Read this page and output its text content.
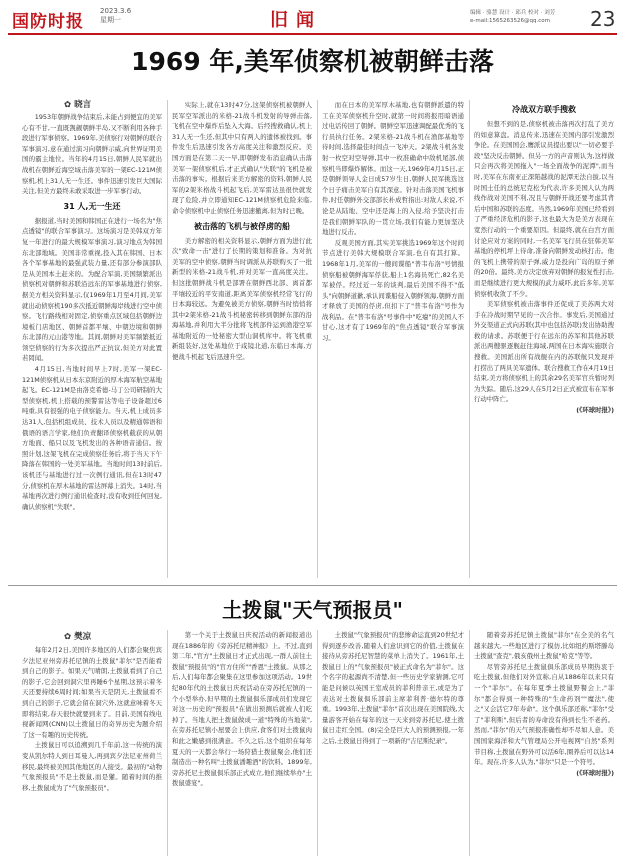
国防时报
2023.3.6
星期一	旧闻	编辑 · 骆慧 设计 · 邱兵 校对 · 刘芳
e-mail:1565263526@qq.com 23
1969 年,美军侦察机被朝鲜击落
✿ 晓言

1953年朝鲜战争结束后,未能占到便宜的美军心有不甘,一直既觊觎朝鲜半岛,又不断利用各种手段进行军事侦察。1969年,美侦察行对朝鲜的联合军事演习,意在通过演习向朝鲜示威,向世界证明美国的霸主地位。当年的4月15日,朝鲜人民军就出战机在朝鲜近海空域击落美军的一架EC-121M侦察机,机上31人无一生还。事件迅速引发巨大国际关注,但美方最终未敢采取进一步军事行动。

31 人,无一生还

据报道,当时美国和韩国正在进行一场名为"焦点透镜"的联合军事演习。这场演习是美韩双方年复一年进行的最大规模军事演习,演习地点为韩国东北部地域。美国非常重视,投入其在韩国、日本各个军事基地的最强武装力量,还有部分参演部队是从美国本土赶来的。为配合军演,美国频繁派出侦察机对朝鲜和苏联沿远东的军事基地进行侦察,据美方相关资料显示,仅1969年1月至4月间,美军就出动侦察机190多次抵近朝鲜海岸线进行空中侦察。飞行路线相对固定,侦察重点区域包括朝鲜边境板门店地区、朝鲜首都平壤、中朝边境和朝鲜东北部的元山港等地。其间,朝鲜对美军频繁抵近领空侦察的行为多次提出严正抗议,但美方对此置若罔闻。

4月15日,当地时间早上7时,美军一架EC-121M侦察机从日本东京附近的厚木海军航空基地起飞。EC-121M是由洛克希德-马丁公司研制的大型侦察机,机上搭载的预警雷达等电子设备超过6吨重,具有很强的电子侦察能力。当天,机上成员多达31人,包括机组成员、技术人员以及精通韩语和俄语的语言学家,他们负责翻译侦察机截获的从朝方地面、船只以及飞机发出的各种语音通信。按照计划,这架飞机在完成侦察任务后,将于当天下午降落在韩国的一处美军基地。当地时间13时前后,该机还与基地进行过一次例行通讯,但在13时47分,侦察机在厚木基地的雷达屏幕上消失。14时,当基地再次进行例行通讯检查时,没有收到任何回复,确认侦察机"失联"。

实际上,就在13时47分,这架侦察机被朝鲜人民军空军派出的米格-21战斗机发射的导弹击落,飞机在空中爆炸后坠入大海。后经搜救确认,机上31人无一生还,但其中只有两人的遗体被找到。事件发生后迅速引发各方高度关注和激烈反应。美国方面是在第二天一早,即朝鲜发布消息确认击落美军一架侦察机后,才正式确认"失联"的飞机是被击落的事实。根据后来美方解密的资料,朝鲜人民军的2架米格战斗机起飞后,美军雷达虽很快就发现了危险,并立即通知EC-121M侦察机危险来临,命令侦察机中止侦察任务迅速撤离,但为时已晚。

被击落的飞机与被俘虏的船

美方解密的相关资料显示,朝鲜方面为进行此次"致命一击"进行了长期的策划和准备。为对抗美军的空中侦察,朝鲜当时调派从苏联购买了一批新型的米格-21战斗机,并对美军一直高度关注。但这批朝鲜战斗机是部署在朝鲜西北部、离首都平壤较近的平安南道,距离美军侦察机经常飞行的日本海较远。为避免被美方侦察,朝鲜当时悄悄将其中2架米格-21战斗机秘密转移到朝鲜东部的沿海基地,并利用大半分批将飞机部件运到渔港空军基地附近的一处秘密大型山洞机库中。将飞机重新组装好,这处基地位于咸镜北道,东临日本海,方便战斗机起飞后迅速升空。

而在日本的美军厚木基地,也有朝鲜派遣的特工在美军侦察机升空时,就第一时间将报用暗语通过电话传回了朝鲜。朝鲜空军迅速调配最优秀的飞行员执行任务。2架米格-21战斗机在渔郎基地等待时间,选择最佳时间点一飞冲天。2架战斗机各发射一枚空对空导弹,其中一枚准确命中敌机尾部,侦察机当即爆炸解体。而这一天,1969年4月15日,正是朝鲜领导人金日成57岁生日,朝鲜人民军挑选这个日子痛击美军自有其深意。针对击落美国飞机事件,时任朝鲜外交部部长朴成哲指出:对敌人来说,不论是从陆地、空中还是海上的入侵,给予坚决打击是我们朝鲜军队的一贯立场,我们有能力更加坚决地进行反击。

反观美国方面,其实美军挑选1969年这个时间节点进行美韩大规模联合军演,也自有其打算。1968年1月,美军的一艘间谍船"普韦布洛"号情报侦察船被朝鲜海军俘获,船上1名海员死亡,82名美军被俘。经过近一年的谈判,最后美国不得不"低头"向朝鲜道歉,承认间谍船侵入朝鲜领海,朝鲜方面才释放了美国的俘虏,但扣下了"普韦布洛"号作为战利品。在"普韦布洛"号事件中"吃瘪"的美国人不甘心,这才有了1969年的"焦点透镜"联合军事演习。

冷战双方联手搜救

但想不到的是,侦察机被击落再次打乱了美方的如意算盘。消息传来,迅速在美国内部引发激烈争论。在美国国会,鹰派议员提出要以"一切必要手段"坚决反击朝鲜。但另一方的声音则认为,这样做只会再次将美国拖入"一场全面战争的泥潭",而当时,美军在东南亚正深陷越战的泥潭无法自拔,以当时国土任的总统尼克松为代表,许多美国人认为两线作战对美国不利,况且与朝鲜开战还要考虑其背后中国和苏联的态度。当然,1969年美国已经看到了严重经济危机的影子,这也最大为是美方表现在宽然行动的一个重要原因。但最终,就在白宫方面讨论应对方案的同时,一名美军飞行员在驻韩美军基地的停机坪上待命,准备向朝鲜发动核打击。他的飞机上携带的原子弹,威力是投向广岛的原子弹的20倍。最终,美方决定放弃对朝鲜的报复性打击,而是继续进行更大规模的武力威吓,此后多年,美军侦察机收敛了不少。

美军侦察机被击落事件还促成了美苏两大对手在冷战时期罕见的一次合作。事发后,美国通过外交渠道正式向苏联(其中也包括苏联)发出协助搜救的请求。苏联便于行在远东的苏军和其他苏联派出两艘驱逐舰赶往海域,两国在日本海实施联合搜救。美国派出所有战舰在内的苏联航只发现并打捞出了两具美军遗体。联合搜救工作在4月19日结束,美方将侦察机上的其余29名美军官兵暂时列为失踪。随后,这29人在5月2日正式被宣布在军事行动中阵亡。

(《环球时报》)
土拨鼠"天气预报员"
✿ 樊凉

每年2月2日,美国许多地区的人们都会聚焦宾夕法尼亚州旁苏托尼镇的土拨鼠"菲尔"是否能看到自己的影子。如果天气晴朗,土拨鼠看到了自己的影子,它会回到洞穴里再睡6个星期,这预示着冬天还要持续6周时间;如果当天是阴天,土拨鼠看不到自己的影子,它就会留在洞穴外,这就意味着冬天即将结束,春天很快就要到来了。目前,美国有线电视新闻网(CNN)以土拨鼠日的奇异历史为题介绍了这一有趣的历史传统。

土拨鼠日可以追溯到几千年前,这一传统的演变从凯尔特人到日耳曼人,再到宾夕法尼亚州荷兰移民,最终被美国其他地区的人接受。最初的"动物气象预报员"不是土拨鼠,而是獾。随着时间的推移,土拨鼠成为了"气象预报员"。

第一个关于土拨鼠日庆祝活动的新闻报道出现在1886年的《旁苏托尼精神报》上。不过,直到第二年,"官方"土拨鼠日才正式出现,一群人前往土拨鼠"预报员"的"官方住所""香恩"土拨鼠。从那之后,人们每年都会聚集在这里参加这项活动。19世纪80年代的土拨鼠日庆祝活动在旁苏托尼镇的一个小型举办,但早期的土拨鼠俱乐部成员们发现它对这一历史的"预报员"在做出预测后就被人们吃掉了。当地人把土拨鼠做成一道"特殊的当地菜",在旁苏托尼镇小屋要会上供应,食客们对土拨鼠肉和此之嫩感到很满意。不久之后,这个组织在每年夏天的一天都会举行一场狩猎土拨鼠聚会,他们还制造出一种名叫"土拨鼠潘趣酒"的饮料。1899年,旁苏托尼土拨鼠俱乐部正式成立,他们继续举办"土拨鼠盛宴"。

土拨鼠"气象预报员"的悲惨命运直到20世纪才得到逐步改善,随着人们意识到它的价值,土拨鼠在接待从旁苏托尼智慧的菜单上消失了。1961年,土拨鼠日上的"气象预报员"被正式命名为"菲尔"。这个名字的起源尚不清楚,但一些历史学家猜测,它可能是问候以英国王室成员的菲利普亲王,或是为了表达对土拨鼠俱乐部前主席菲利普·德尔特的尊重。1993年,土拨鼠"菲尔"首次出现在美国院线,大量游客开始在每年的这一天来到旁苏托尼,使土拨鼠日走红全国。(8)完全是巨大人的预测预报,一年之后,土拨鼠日得到了一项新的"吉尼斯纪录"。

随着旁苏托尼镇土拨鼠"菲尔"在全美的名气越来越大,一些地区进行了模仿,比如纽约斯塔滕岛土拨鼠"查克",俄亥俄州土拨鼠"哈克"等等。

尽管旁苏托尼土拨鼠俱乐部成员早期热衷于吃土拨鼠,但他们对外宣称,自从1886年以来只有一个"菲尔"。在每年夏季土拨鼠野餐会上,"菲尔"都会得到一种特殊的"生命药剂""魔法",使之"又会活它7年寿命"。这个俱乐部还称,"菲尔"受了"菲利斯",但后者的寿命没有得到长生不老药。然而,"菲尔"的天气预报准确性却不尽如人意。美国国家海洋和大气管理局公开电视网"自然"系列节目称,土拨鼠在野外可以活6年,圈养后可以达14年。现在,许多人认为,"菲尔"只是一个符号。

(《环球时报》)
